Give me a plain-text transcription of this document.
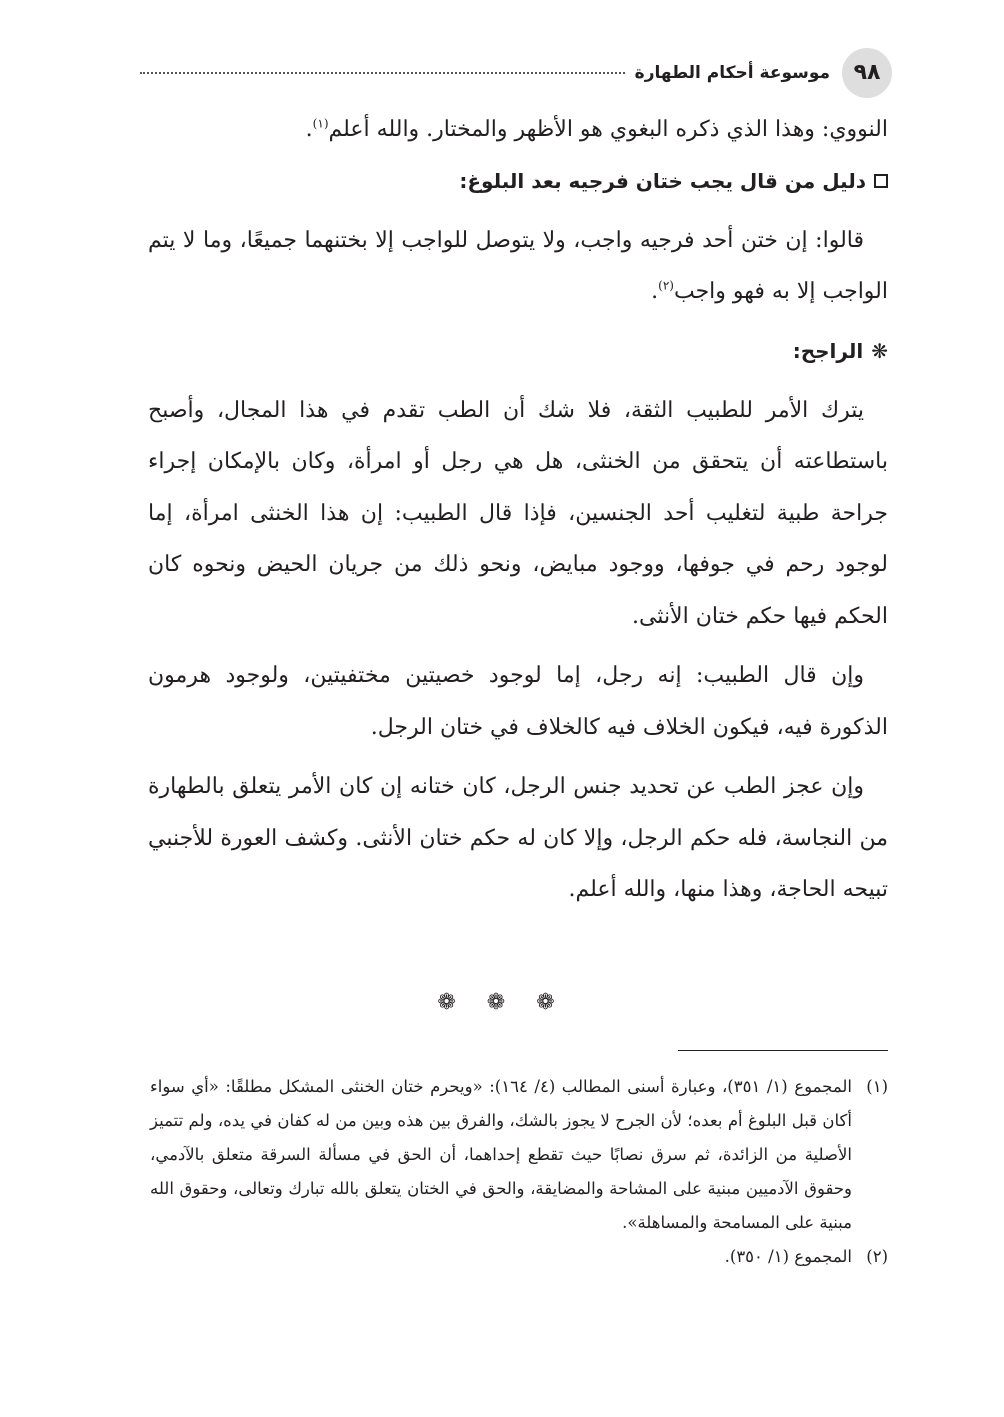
٩٨
موسوعة أحكام الطهارة

النووي: وهذا الذي ذكره البغوي هو الأظهر والمختار. والله أعلم$^{(١)}$.

دليل من قال يجب ختان فرجيه بعد البلوغ:

قالوا: إن ختن أحد فرجيه واجب، ولا يتوصل للواجب إلا بختنهما جميعًا، وما لا يتم الواجب إلا به فهو واجب$^{(٢)}$.

❋
الراجح:

يترك الأمر للطبيب الثقة، فلا شك أن الطب تقدم في هذا المجال، وأصبح باستطاعته أن يتحقق من الخنثى، هل هي رجل أو امرأة، وكان بالإمكان إجراء جراحة طبية لتغليب أحد الجنسين، فإذا قال الطبيب: إن هذا الخنثى امرأة، إما لوجود رحم في جوفها، ووجود مبايض، ونحو ذلك من جريان الحيض ونحوه كان الحكم فيها حكم ختان الأنثى.

وإن قال الطبيب: إنه رجل، إما لوجود خصيتين مختفيتين، ولوجود هرمون الذكورة فيه، فيكون الخلاف فيه كالخلاف في ختان الرجل.

وإن عجز الطب عن تحديد جنس الرجل، كان ختانه إن كان الأمر يتعلق بالطهارة من النجاسة، فله حكم الرجل، وإلا كان له حكم ختان الأنثى. وكشف العورة للأجنبي تبيحه الحاجة، وهذا منها، والله أعلم.

❁ ❁ ❁
(١)
المجموع (١/ ٣٥١)، وعبارة أسنى المطالب (٤/ ١٦٤): «ويحرم ختان الخنثى المشكل مطلقًا: «أي سواء أكان قبل البلوغ أم بعده؛ لأن الجرح لا يجوز بالشك، والفرق بين هذه وبين من له كفان في يده، ولم تتميز الأصلية من الزائدة، ثم سرق نصابًا حيث تقطع إحداهما، أن الحق في مسألة السرقة متعلق بالآدمي، وحقوق الآدميين مبنية على المشاحة والمضايقة، والحق في الختان يتعلق بالله تبارك وتعالى، وحقوق الله مبنية على المسامحة والمساهلة».
(٢)
المجموع (١/ ٣٥٠).
